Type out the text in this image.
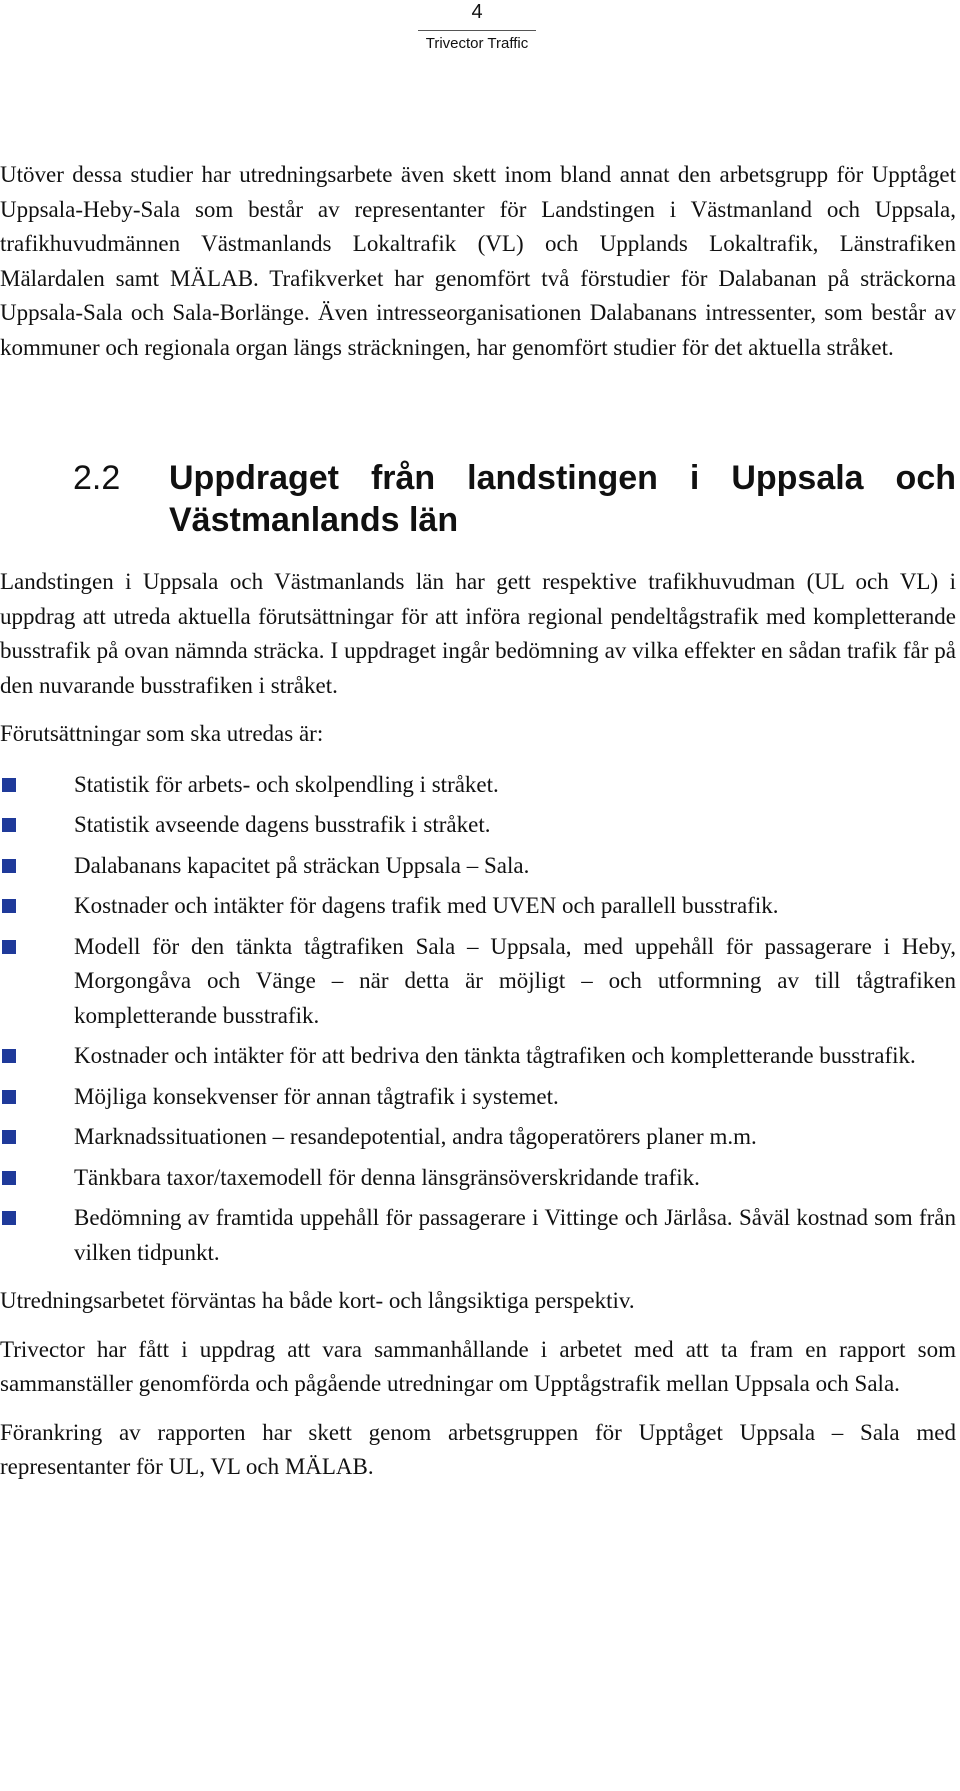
4
Trivector Traffic

Utöver dessa studier har utredningsarbete även skett inom bland annat den arbetsgrupp för Upptåget Uppsala-Heby-Sala som består av representanter för Landstingen i Västmanland och Uppsala, trafikhuvudmännen Västmanlands Lokaltrafik (VL) och Upplands Lokaltrafik, Länstrafiken Mälardalen samt MÄLAB. Trafikverket har genomfört två förstudier för Dalabanan på sträckorna Uppsala-Sala och Sala-Borlänge. Även intresseorganisationen Dalabanans intressenter, som består av kommuner och regionala organ längs sträckningen, har genomfört studier för det aktuella stråket.

2.2	Uppdraget från landstingen i Uppsala och Västmanlands län

Landstingen i Uppsala och Västmanlands län har gett respektive trafikhuvudman (UL och VL) i uppdrag att utreda aktuella förutsättningar för att införa regional pendeltågstrafik med kompletterande busstrafik på ovan nämnda sträcka. I uppdraget ingår bedömning av vilka effekter en sådan trafik får på den nuvarande busstrafiken i stråket.

Förutsättningar som ska utredas är:

Statistik för arbets- och skolpendling i stråket.
Statistik avseende dagens busstrafik i stråket.
Dalabanans kapacitet på sträckan Uppsala – Sala.
Kostnader och intäkter för dagens trafik med UVEN och parallell busstrafik.
Modell för den tänkta tågtrafiken Sala – Uppsala, med uppehåll för passagerare i Heby, Morgongåva och Vänge – när detta är möjligt – och utformning av till tågtrafiken kompletterande busstrafik.
Kostnader och intäkter för att bedriva den tänkta tågtrafiken och kompletterande busstrafik.
Möjliga konsekvenser för annan tågtrafik i systemet.
Marknadssituationen – resandepotential, andra tågoperatörers planer m.m.
Tänkbara taxor/taxemodell för denna länsgränsöverskridande trafik.
Bedömning av framtida uppehåll för passagerare i Vittinge och Järlåsa. Såväl kostnad som från vilken tidpunkt.

Utredningsarbetet förväntas ha både kort- och långsiktiga perspektiv.

Trivector har fått i uppdrag att vara sammanhållande i arbetet med att ta fram en rapport som sammanställer genomförda och pågående utredningar om Upptågstrafik mellan Uppsala och Sala.

Förankring av rapporten har skett genom arbetsgruppen för Upptåget Uppsala – Sala med representanter för UL, VL och MÄLAB.
